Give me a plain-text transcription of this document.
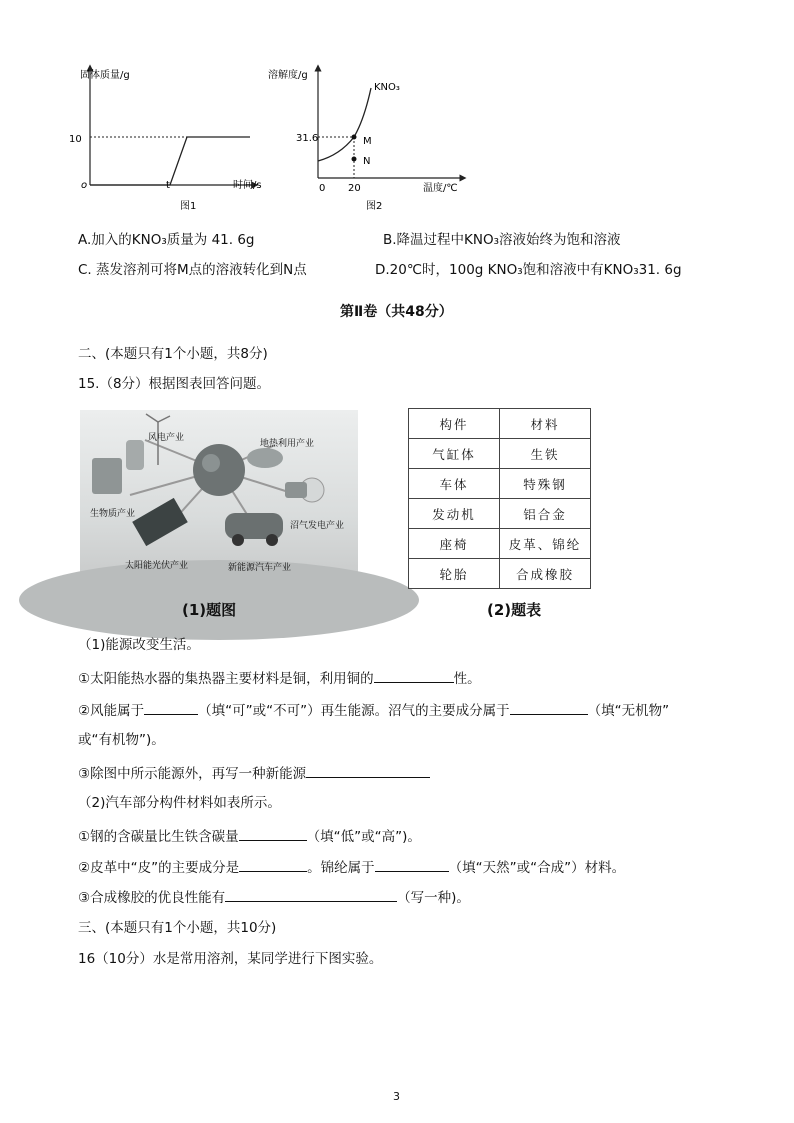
固体质量/g
10
o	t	时间/s
图1
溶解度/g
KNO₃
31.6	M
N
0 20	温度/℃
图2
A.加入的KNO₃质量为 41. 6g	B.降温过程中KNO₃溶液始终为饱和溶液
C. 蒸发溶剂可将M点的溶液转化到N点	D.20℃时，100g KNO₃饱和溶液中有KNO₃31. 6g
第Ⅱ卷（共48分）
二、(本题只有1个小题，共8分)
15.（8分）根据图表回答问题。
风电产业
地热利用产业
生物质产业
沼气发电产业
太阳能光伏产业	新能源汽车产业
(1)题图
构件	材料
气缸体	生铁
车体	特殊钢
发动机	铝合金
座椅	皮革、锦纶
轮胎	合成橡胶
(2)题表
（1)能源改变生活。
①太阳能热水器的集热器主要材料是铜，利用铜的	性。
②风能属于	（填“可”或“不可”）再生能源。沼气的主要成分属于	（填“无机物”
或“有机物”)。
③除图中所示能源外，再写一种新能源
（2)汽车部分构件材料如表所示。
①钢的含碳量比生铁含碳量	（填“低”或“高”)。
②皮革中“皮”的主要成分是	。锦纶属于	（填“天然”或“合成”）材料。
③合成橡胶的优良性能有	（写一种)。
三、(本题只有1个小题，共10分)
16（10分）水是常用溶剂，某同学进行下图实验。
3
